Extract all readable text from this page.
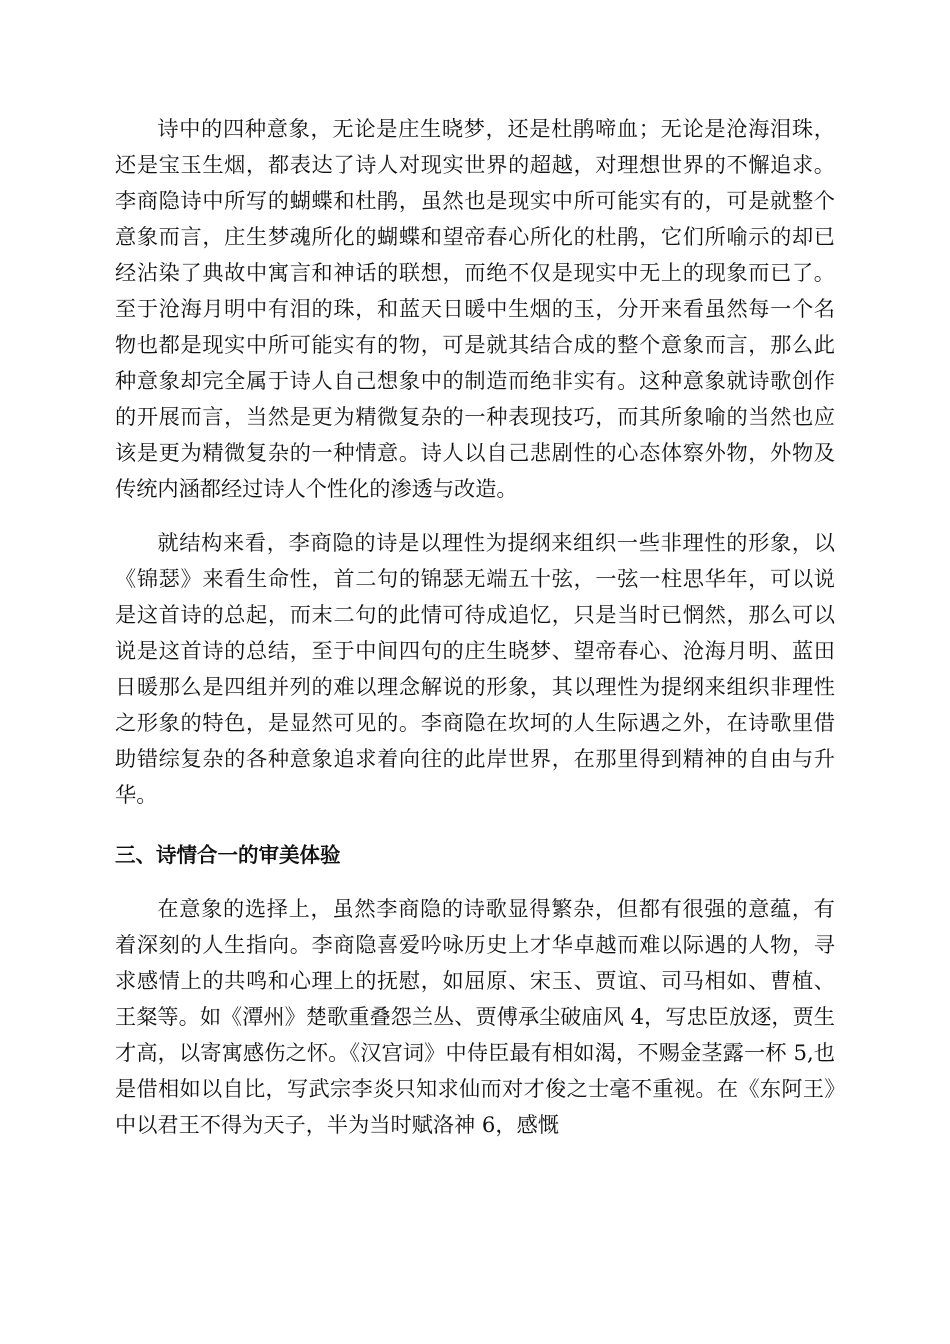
诗中的四种意象，无论是庄生晓梦，还是杜鹃啼血；无论是沧海泪珠，还是宝玉生烟，都表达了诗人对现实世界的超越，对理想世界的不懈追求。李商隐诗中所写的蝴蝶和杜鹃，虽然也是现实中所可能实有的，可是就整个意象而言，庄生梦魂所化的蝴蝶和望帝春心所化的杜鹃，它们所喻示的却已经沾染了典故中寓言和神话的联想，而绝不仅是现实中无上的现象而已了。至于沧海月明中有泪的珠，和蓝天日暖中生烟的玉，分开来看虽然每一个名物也都是现实中所可能实有的物，可是就其结合成的整个意象而言，那么此种意象却完全属于诗人自己想象中的制造而绝非实有。这种意象就诗歌创作的开展而言，当然是更为精微复杂的一种表现技巧，而其所象喻的当然也应该是更为精微复杂的一种情意。诗人以自己悲剧性的心态体察外物，外物及传统内涵都经过诗人个性化的渗透与改造。

就结构来看，李商隐的诗是以理性为提纲来组织一些非理性的形象，以《锦瑟》来看生命性，首二句的锦瑟无端五十弦，一弦一柱思华年，可以说是这首诗的总起，而末二句的此情可待成追忆，只是当时已惘然，那么可以说是这首诗的总结，至于中间四句的庄生晓梦、望帝春心、沧海月明、蓝田日暖那么是四组并列的难以理念解说的形象，其以理性为提纲来组织非理性之形象的特色，是显然可见的。李商隐在坎坷的人生际遇之外，在诗歌里借助错综复杂的各种意象追求着向往的此岸世界，在那里得到精神的自由与升华。

三、诗情合一的审美体验

在意象的选择上，虽然李商隐的诗歌显得繁杂，但都有很强的意蕴，有着深刻的人生指向。李商隐喜爱吟咏历史上才华卓越而难以际遇的人物，寻求感情上的共鸣和心理上的抚慰，如屈原、宋玉、贾谊、司马相如、曹植、王粲等。如《潭州》楚歌重叠怨兰丛、贾傅承尘破庙风 4，写忠臣放逐，贾生才高，以寄寓感伤之怀。《汉宫词》中侍臣最有相如渴，不赐金茎露一杯 5,也是借相如以自比，写武宗李炎只知求仙而对才俊之士毫不重视。在《东阿王》中以君王不得为天子，半为当时赋洛神 6，感慨
